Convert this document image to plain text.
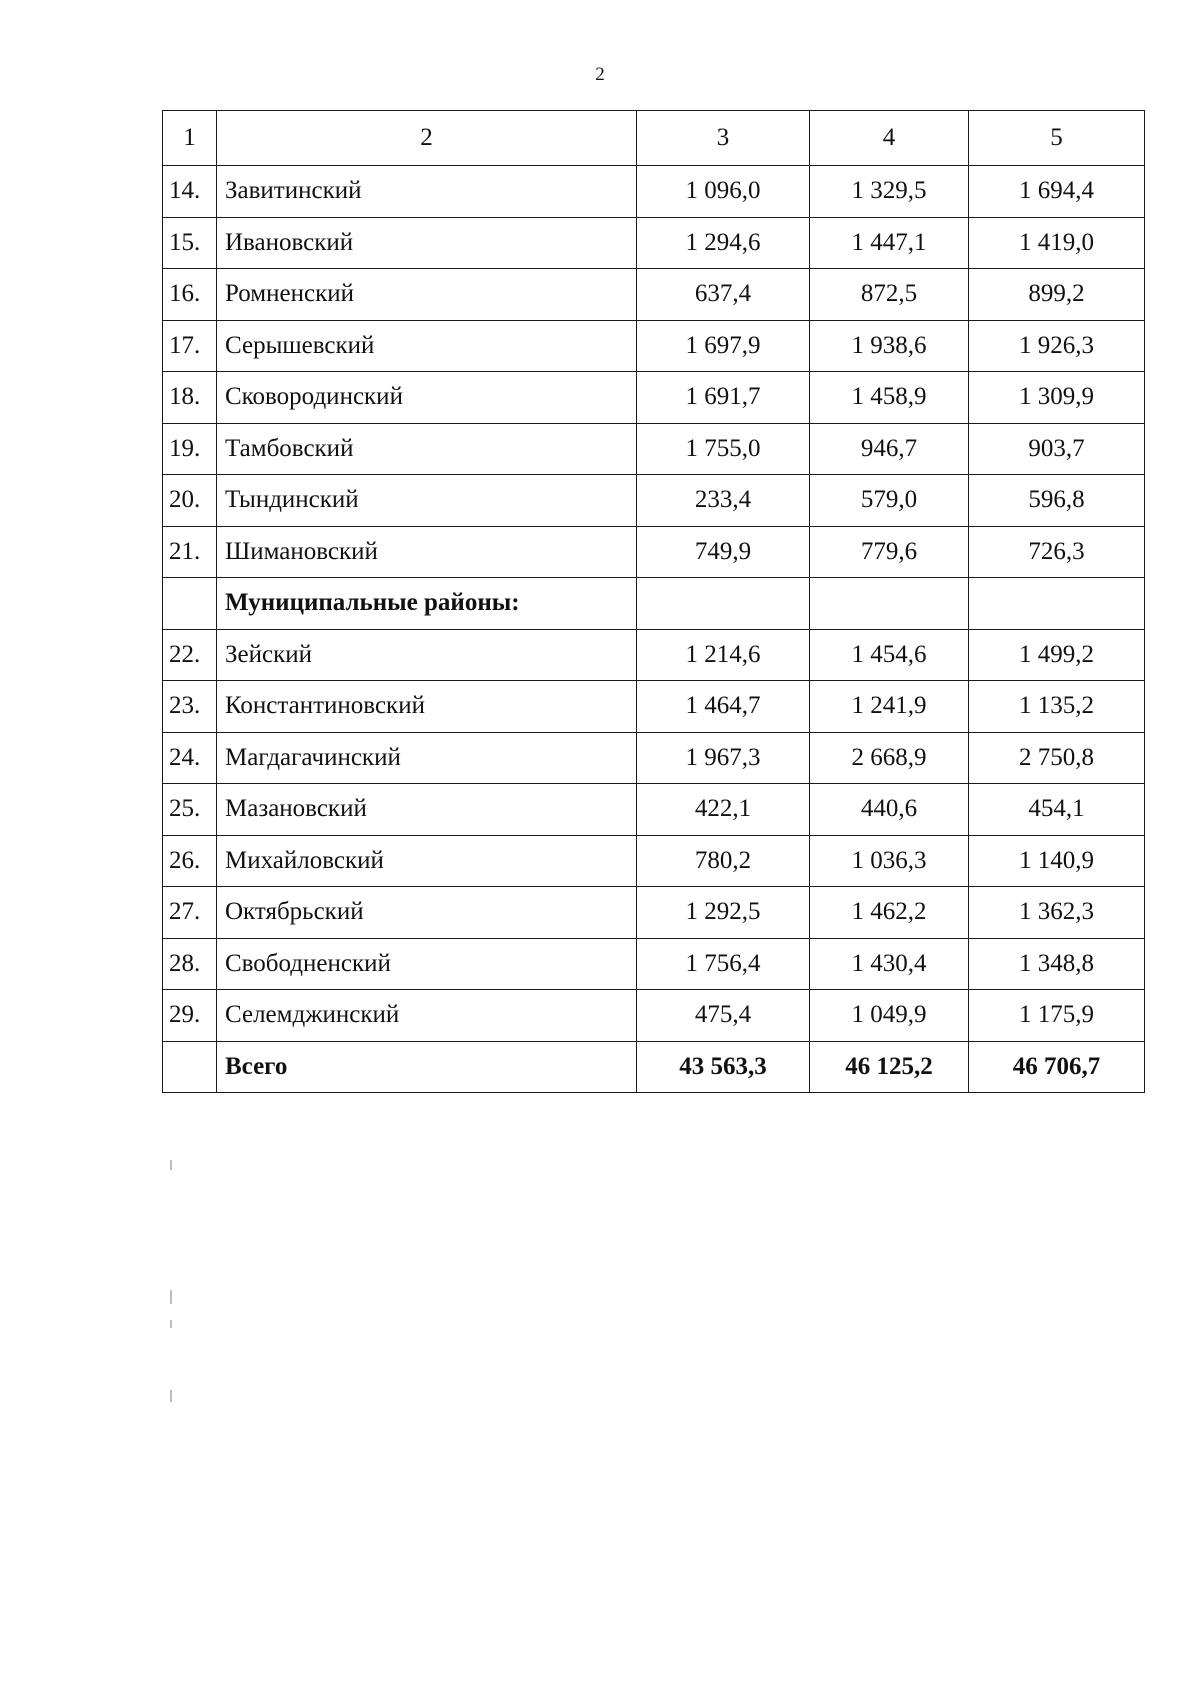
2
1	2	3	4	5
14.	Завитинский	1 096,0	1 329,5	1 694,4
15.	Ивановский	1 294,6	1 447,1	1 419,0
16.	Ромненский	637,4	872,5	899,2
17.	Серышевский	1 697,9	1 938,6	1 926,3
18.	Сковородинский	1 691,7	1 458,9	1 309,9
19.	Тамбовский	1 755,0	946,7	903,7
20.	Тындинский	233,4	579,0	596,8
21.	Шимановский	749,9	779,6	726,3
	Муниципальные районы:			
22.	Зейский	1 214,6	1 454,6	1 499,2
23.	Константиновский	1 464,7	1 241,9	1 135,2
24.	Магдагачинский	1 967,3	2 668,9	2 750,8
25.	Мазановский	422,1	440,6	454,1
26.	Михайловский	780,2	1 036,3	1 140,9
27.	Октябрьский	1 292,5	1 462,2	1 362,3
28.	Свободненский	1 756,4	1 430,4	1 348,8
29.	Селемджинский	475,4	1 049,9	1 175,9
	Всего	43 563,3	46 125,2	46 706,7
